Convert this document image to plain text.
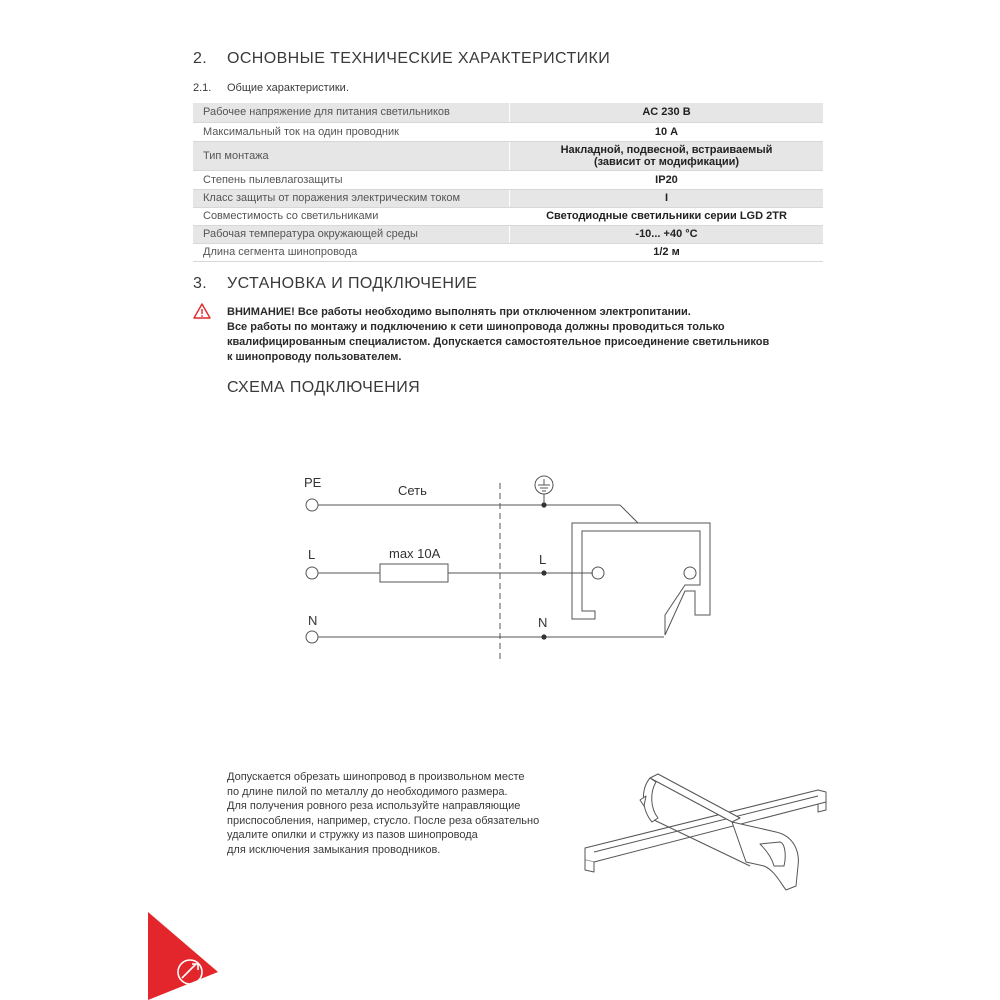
2. ОСНОВНЫЕ ТЕХНИЧЕСКИЕ ХАРАКТЕРИСТИКИ
2.1. Общие характеристики.
Рабочее напряжение для питания светильников	AC 230 В
Максимальный ток на один проводник	10 А
Тип монтажа	Накладной, подвесной, встраиваемый
(зависит от модификации)

Степень пылевлагозащиты	IP20
Класс защиты от поражения электрическим током	I
Совместимость со светильниками	Светодиодные светильники серии LGD 2TR
Рабочая температура окружающей среды	-10... +40 °С
Длина сегмента шинопровода	1/2 м
3. УСТАНОВКА И ПОДКЛЮЧЕНИЕ
ВНИМАНИЕ! Все работы необходимо выполнять при отключенном электропитании.
Все работы по монтажу и подключению к сети шинопровода должны проводиться только
квалифицированным специалистом. Допускается самостоятельное присоединение светильников
к шинопроводу пользователем.
СХЕМА ПОДКЛЮЧЕНИЯ
PE
L
N
Сеть
max 10A	L
N
Допускается обрезать шинопровод в произвольном месте
по длине пилой по металлу до необходимого размера.
Для получения ровного реза используйте направляющие
приспособления, например, стусло. После реза обязательно
удалите опилки и стружку из пазов шинопровода
для исключения замыкания проводников.
